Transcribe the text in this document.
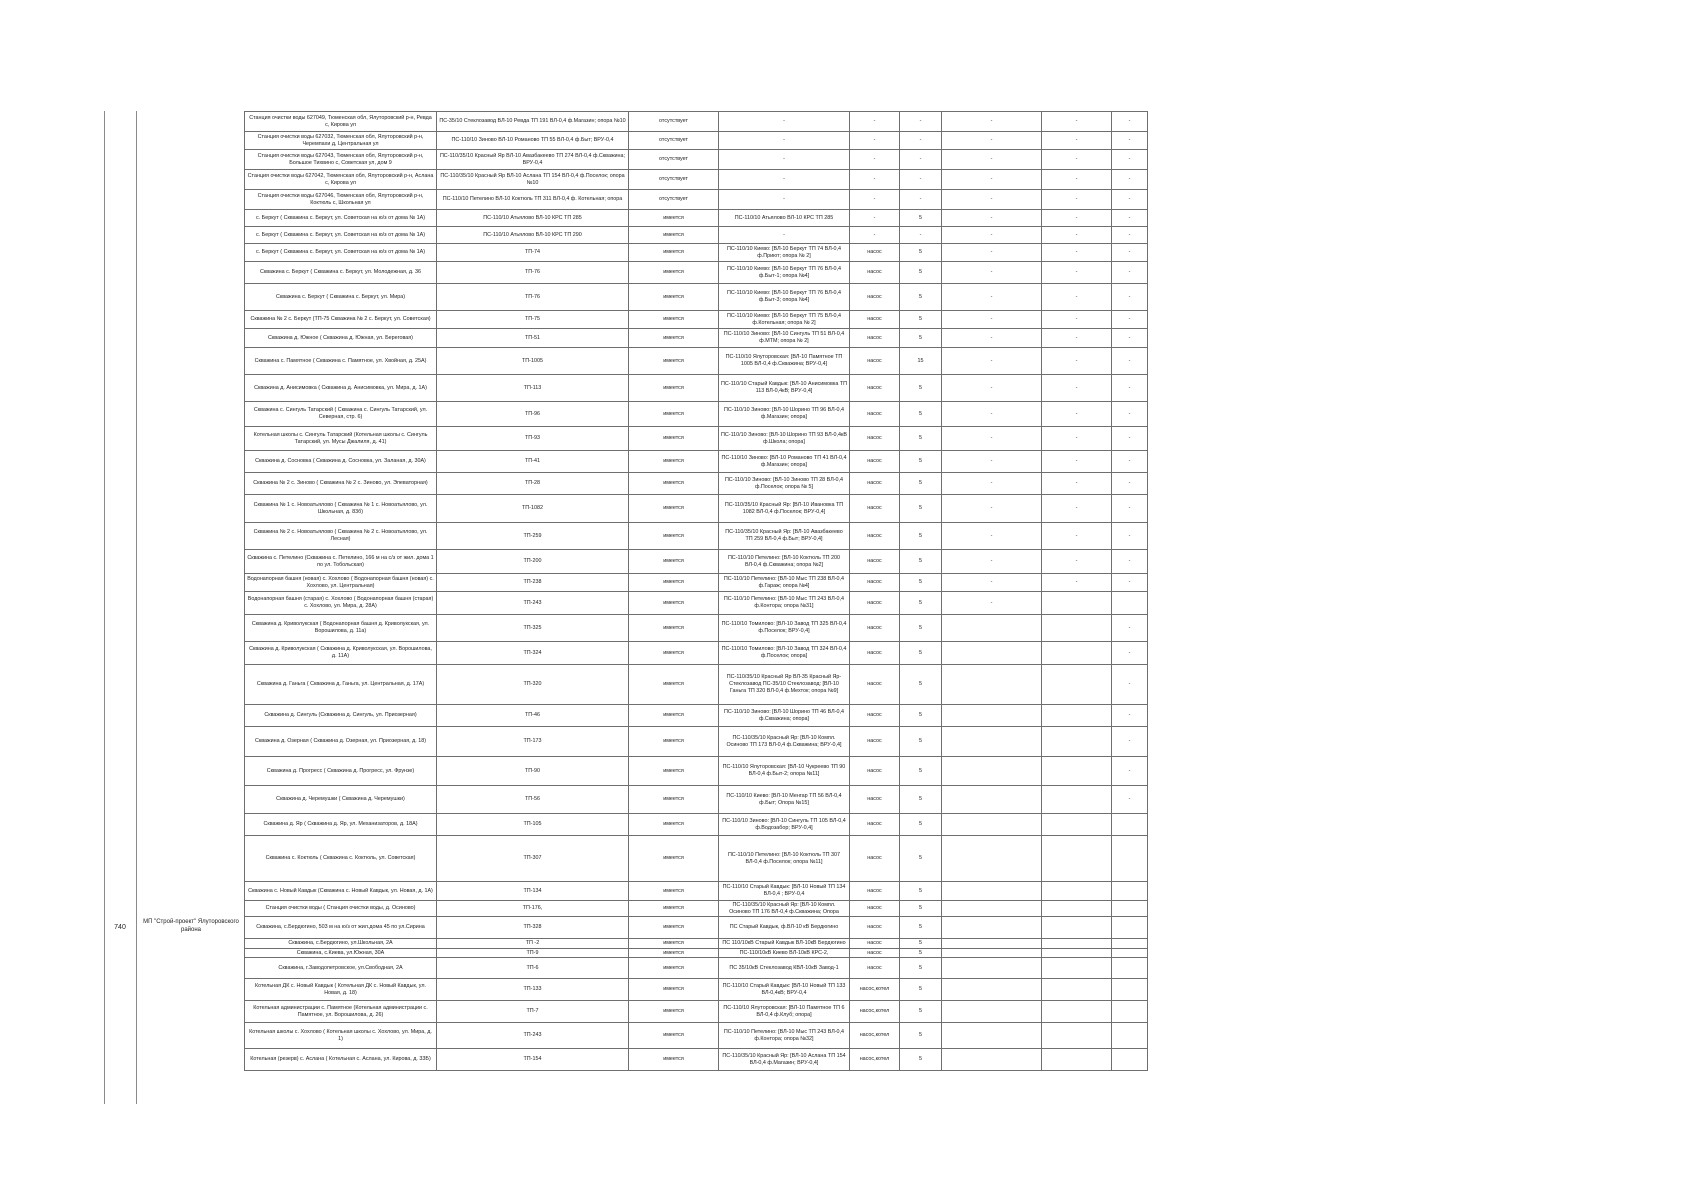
740
МП "Строй-проект" Ялуторовского района
Станция очистки воды 627049, Тюменская обл, Ялуторовский р-н, Ревда с, Кирова ул	ПС-35/10 Стеклозавод ВЛ-10 Ревда ТП 191 ВЛ-0,4 ф.Магазин; опора №10	отсутствует	-	-	-	-	-	-
Станция очистки воды 627032, Тюменская обл, Ялуторовский р-н, Черемпахи д, Центральная ул	ПС-110/10 Зиново ВЛ-10 Романово ТП 55 ВЛ-0,4 ф.Быт; ВРУ-0,4	отсутствует	-	-	-	-	-	-
Станция очистки воды 627043, Тюменская обл, Ялуторовский р-н, Большое Тихвино с, Советская ул, дом 9	ПС-110/35/10 Красный Яр ВЛ-10 Авазбакеево ТП 274 ВЛ-0,4 ф.Скважина; ВРУ-0,4	отсутствует	-	-	-	-	-	-
Станция очистки воды 627042, Тюменская обл, Ялуторовский р-н, Асланa с, Кирова ул	ПС-110/35/10 Красный Яр ВЛ-10 Аслана ТП 154 ВЛ-0,4 ф.Поселок; опора №10	отсутствует	-	-	-	-	-	-
Станция очистки воды 627046, Тюменская обл, Ялуторовский р-н, Коктюль с, Школьная ул	ПС-110/10 Петелино ВЛ-10 Коктюль ТП 311 ВЛ-0,4 ф. Котельная; опора	отсутствует	-	-	-	-	-	-
с. Беркут ( Скважина с. Беркут, ул. Советская на ю/з от дома № 1А)	ПС-110/10 Атьялово ВЛ-10 КРС ТП 285	имеется	ПС-110/10 Атьялово ВЛ-10 КРС ТП 285	-	5	-	-	-
с. Беркут ( Скважина с. Беркут, ул. Советская на ю/з от дома № 1А)	ПС-110/10 Атьялово ВЛ-10 КРС ТП 290	имеется	-	-	-	-	-	-
с. Беркут ( Скважина с. Беркут, ул. Советская на ю/з от дома № 1А)	ТП-74	имеется	ПС-110/10 Киево: [ВЛ-10 Беркут ТП 74 ВЛ-0,4 ф.Приют; опора № 2]	насос	5	-	-	-
Скважина с. Беркут ( Скважина с. Беркут, ул. Молодежная, д. 36	ТП-76	имеется	ПС-110/10 Киево: [ВЛ-10 Беркут ТП 76 ВЛ-0,4 ф.Быт-1; опора №4]	насос	5	-	-	-
Скважина с. Беркут ( Скважина с. Беркут, ул. Мира)	ТП-76	имеется	ПС-110/10 Киево: [ВЛ-10 Беркут ТП 76 ВЛ-0,4 ф.Быт-3; опора №4]	насос	5	-	-	-
Скважина № 2 с. Беркут (ТП-75 Скважина № 2 с. Беркут, ул. Советская)	ТП-75	имеется	ПС-110/10 Киево: [ВЛ-10 Беркут ТП 75 ВЛ-0,4 ф.Котельная; опора № 2]	насос	5	-	-	-
Скважина д. Южное ( Скважина д. Южная, ул. Береговая)	ТП-51	имеется	ПС-110/10 Зиново: [ВЛ-10 Сингуль ТП 51 ВЛ-0,4 ф.МТМ; опора № 2]	насос	5	-	-	-
Скважина с. Памятное ( Скважина с. Памятное, ул. Хвойная, д. 25А)	ТП-1005	имеется	ПС-110/10 Ялуторовская: [ВЛ-10 Памятное ТП 1005 ВЛ-0,4 ф.Скважина; ВРУ-0,4]	насос	15	-	-	-
Скважина д. Анисимовка ( Скважина д. Анисимовка, ул. Мира, д. 1А)	ТП-113	имеется	ПС-110/10 Старый Кавдык: [ВЛ-10 Анисимовка ТП 113 ВЛ-0,4кВ; ВРУ-0,4]	насос	5	-	-	-
Скважина с. Сингуль Татарский ( Скважина с. Сингуль Татарский, ул. Северная, стр. 6)	ТП-96	имеется	ПС-110/10 Зиново: [ВЛ-10 Шорино ТП 96 ВЛ-0,4 ф.Магазин; опора]	насос	5	-	-	-
Котельная школы с. Сингуль Татарский (Котельная школы с. Сингуль Татарский, ул. Мусы Джалиля, д. 41)	ТП-93	имеется	ПС-110/10 Зиново: [ВЛ-10 Шорино ТП 93 ВЛ-0,4кВ ф.Школа; опора]	насос	5	-	-	-
Скважина д. Сосновка ( Скважина д. Сосновка, ул. Заланая, д. 30А)	ТП-41	имеется	ПС-110/10 Зиново: [ВЛ-10 Романово ТП 41 ВЛ-0,4 ф.Магазин; опора]	насос	5	-	-	-
Скважина № 2 с. Зиново ( Скважина № 2 с. Зиново, ул. Элеваторная)	ТП-28	имеется	ПС-110/10 Зиново: [ВЛ-10 Зиново ТП 28 ВЛ-0,4 ф.Поселок; опора № 5]	насос	5	-	-	-
Скважина № 1 с. Новоатьялово ( Скважина № 1 с. Новоатьялово, ул. Школьная, д. 83б)	ТП-1082	имеется	ПС-110/35/10 Красный Яр: [ВЛ-10 Ивановка ТП 1082 ВЛ-0,4 ф.Поселок; ВРУ-0,4]	насос	5	-	-	-
Скважина № 2 с. Новоатьялово ( Скважина № 2 с. Новоатьялово, ул. Лесная)	ТП-259	имеется	ПС-110/35/10 Красный Яр: [ВЛ-10 Авазбакеево ТП 259 ВЛ-0,4 ф.Быт; ВРУ-0,4]	насос	5	-	-	-
Скважина с. Петелино (Скважина с. Петелино, 166 м на с/з от жил. дома 1 по ул. Тобольская)	ТП-200	имеется	ПС-110/10 Петелино: [ВЛ-10 Коктюль ТП 200 ВЛ-0,4 ф.Скважина; опора №2]	насос	5	-	-	-
Водонапорная башня (новая) с. Хохлово ( Водонапорная башня (новая) с. Хохлово, ул. Центральная)	ТП-238	имеется	ПС-110/10 Петелино: [ВЛ-10 Мыс ТП 238 ВЛ-0,4 ф.Гараж; опора №4]	насос	5	-	-	-
Водонапорная башня (старая) с. Хохлово ( Водонапорная башня (старая) с. Хохлово, ул. Мира, д. 28А)	ТП-243	имеется	ПС-110/10 Петелино: [ВЛ-10 Мыс ТП 243 ВЛ-0,4 ф.Контора; опора №31]	насос	5	-		
Скважина д. Криволукская ( Водонапорная башня д. Криволукская, ул. Ворошилова, д. 11а)	ТП-325	имеется	ПС-110/10 Томилово: [ВЛ-10 Завод ТП 325 ВЛ-0,4 ф.Поселок; ВРУ-0,4]	насос	5			-
Скважина д. Криволукская ( Скважина д. Криволукская, ул. Ворошилова, д. 11А)	ТП-324	имеется	ПС-110/10 Томилово: [ВЛ-10 Завод ТП 324 ВЛ-0,4 ф.Поселок; опора]	насос	5			-
Скважина д. Ганьга ( Скважина д. Ганьга, ул. Центральная, д. 17А)	ТП-320	имеется	ПС-110/35/10 Красный Яр ВЛ-35 Красный Яр-Стеклозавод ПС-35/10 Стеклозавод: [ВЛ-10 Ганьга ТП 320 ВЛ-0,4 ф.Мехток; опора №9]	насос	5			-
Скважина д. Сингуль (Скважина д. Сингуль, ул. Приозерная)	ТП-46	имеется	ПС-110/10 Зиново: [ВЛ-10 Шорино ТП 46 ВЛ-0,4 ф.Скважина; опора]	насос	5			-
Скважина д. Озерная ( Скважина д. Озерная, ул. Приозерная, д. 18)	ТП-173	имеется	ПС-110/35/10 Красный Яр: [ВЛ-10 Компл. Осиново ТП 173 ВЛ-0,4 ф.Скважина; ВРУ-0,4]	насос	5			-
Скважина д. Прогресс ( Скважина д. Прогресс, ул. Фрунзе)	ТП-90	имеется	ПС-110/10 Ялуторовская: [ВЛ-10 Чукреево ТП 90 ВЛ-0,4 ф.Быт-2; опора №11]	насос	5			-
Скважина д. Черемушки ( Скважина д. Черемушки)	ТП-56	имеется	ПС-110/10 Киево: [ВЛ-10 Менгар ТП 56 ВЛ-0,4 ф.Быт; Опора №15]	насос	5			-
Скважина д. Яр ( Скважина д. Яр, ул. Механизаторов, д. 18А)	ТП-105	имеется	ПС-110/10 Зиново: [ВЛ-10 Сингуль ТП 105 ВЛ-0,4 ф.Водозабор; ВРУ-0,4]	насос	5			
Скважина с. Коктюль ( Скважина с. Коктюль, ул. Советская)	ТП-307	имеется	ПС-110/10 Петелино: [ВЛ-10 Коктюль ТП 307 ВЛ-0,4 ф.Поселок; опора №11]	насос	5			
Скважина с. Новый Кавдык (Скважина с. Новый Кавдык, ул. Новая, д. 1А)	ТП-134	имеется	ПС-110/10 Старый Кавдык: [ВЛ-10 Новый ТП 134 ВЛ-0,4 ; ВРУ-0,4	насос	5			
Станция очистки воды ( Станция очистки воды, д. Осиново)	ТП-176,	имеется	ПС-110/35/10 Красный Яр: [ВЛ-10 Компл. Осиново ТП 176 ВЛ-0,4 ф.Скважина; Опора	насос	5			
Скважина, с.Бердюгино, 503 м на ю/з от жил.дома 45 по ул.Сирина	ТП-328	имеется	ПС Старый Кавдык, ф.ВЛ-10 кВ Бердюгино	насос	5			
Скважина, с.Бердюгино, ул.Школьная, 2А	ТП -2	имеется	ПС 110/10кВ Старый Кавдык ВЛ-10кВ Бердюгино	насос	5			
Скважина, с.Киева, ул.Южная, 30А	ТП-9	имеется	ПС-110/10кВ Киево ВЛ-10кВ КРС-2,	насос	5			
Скважина, г.Заводопетровское, ул.Свободная, 2А	ТП-6	имеется	ПС 35/10кВ Стеклозавод КВЛ-10кВ Завод-1	насос	5			
Котельная ДК с. Новый Кавдык ( Котельная ДК с. Новый Кавдык, ул. Новая, д. 18)	ТП-133	имеется	ПС-110/10 Старый Кавдык: [ВЛ-10 Новый ТП 133 ВЛ-0,4кВ; ВРУ-0,4	насос,котел	5			
Котельная администрации с. Памятное (Котельная администрации с. Памятное, ул. Ворошилова, д. 26)	ТП-7	имеется	ПС-110/10 Ялуторовская: [ВЛ-10 Памятное ТП 6 ВЛ-0,4 ф.Клуб; опора]	насос,котел	5			
Котельная школы с. Хохлово ( Котельная школы с. Хохлово, ул. Мира, д. 1)	ТП-243	имеется	ПС-110/10 Петелино: [ВЛ-10 Мыс ТП 243 ВЛ-0,4 ф.Контора; опора №32]	насос,котел	5			
Котельная (резерв) с. Аслана ( Котельная с. Аслана, ул. Кирова, д. 33Б)	ТП-154	имеется	ПС-110/35/10 Красный Яр: [ВЛ-10 Аслана ТП 154 ВЛ-0,4 ф.Магазин; ВРУ-0,4]	насос,котел	5			
